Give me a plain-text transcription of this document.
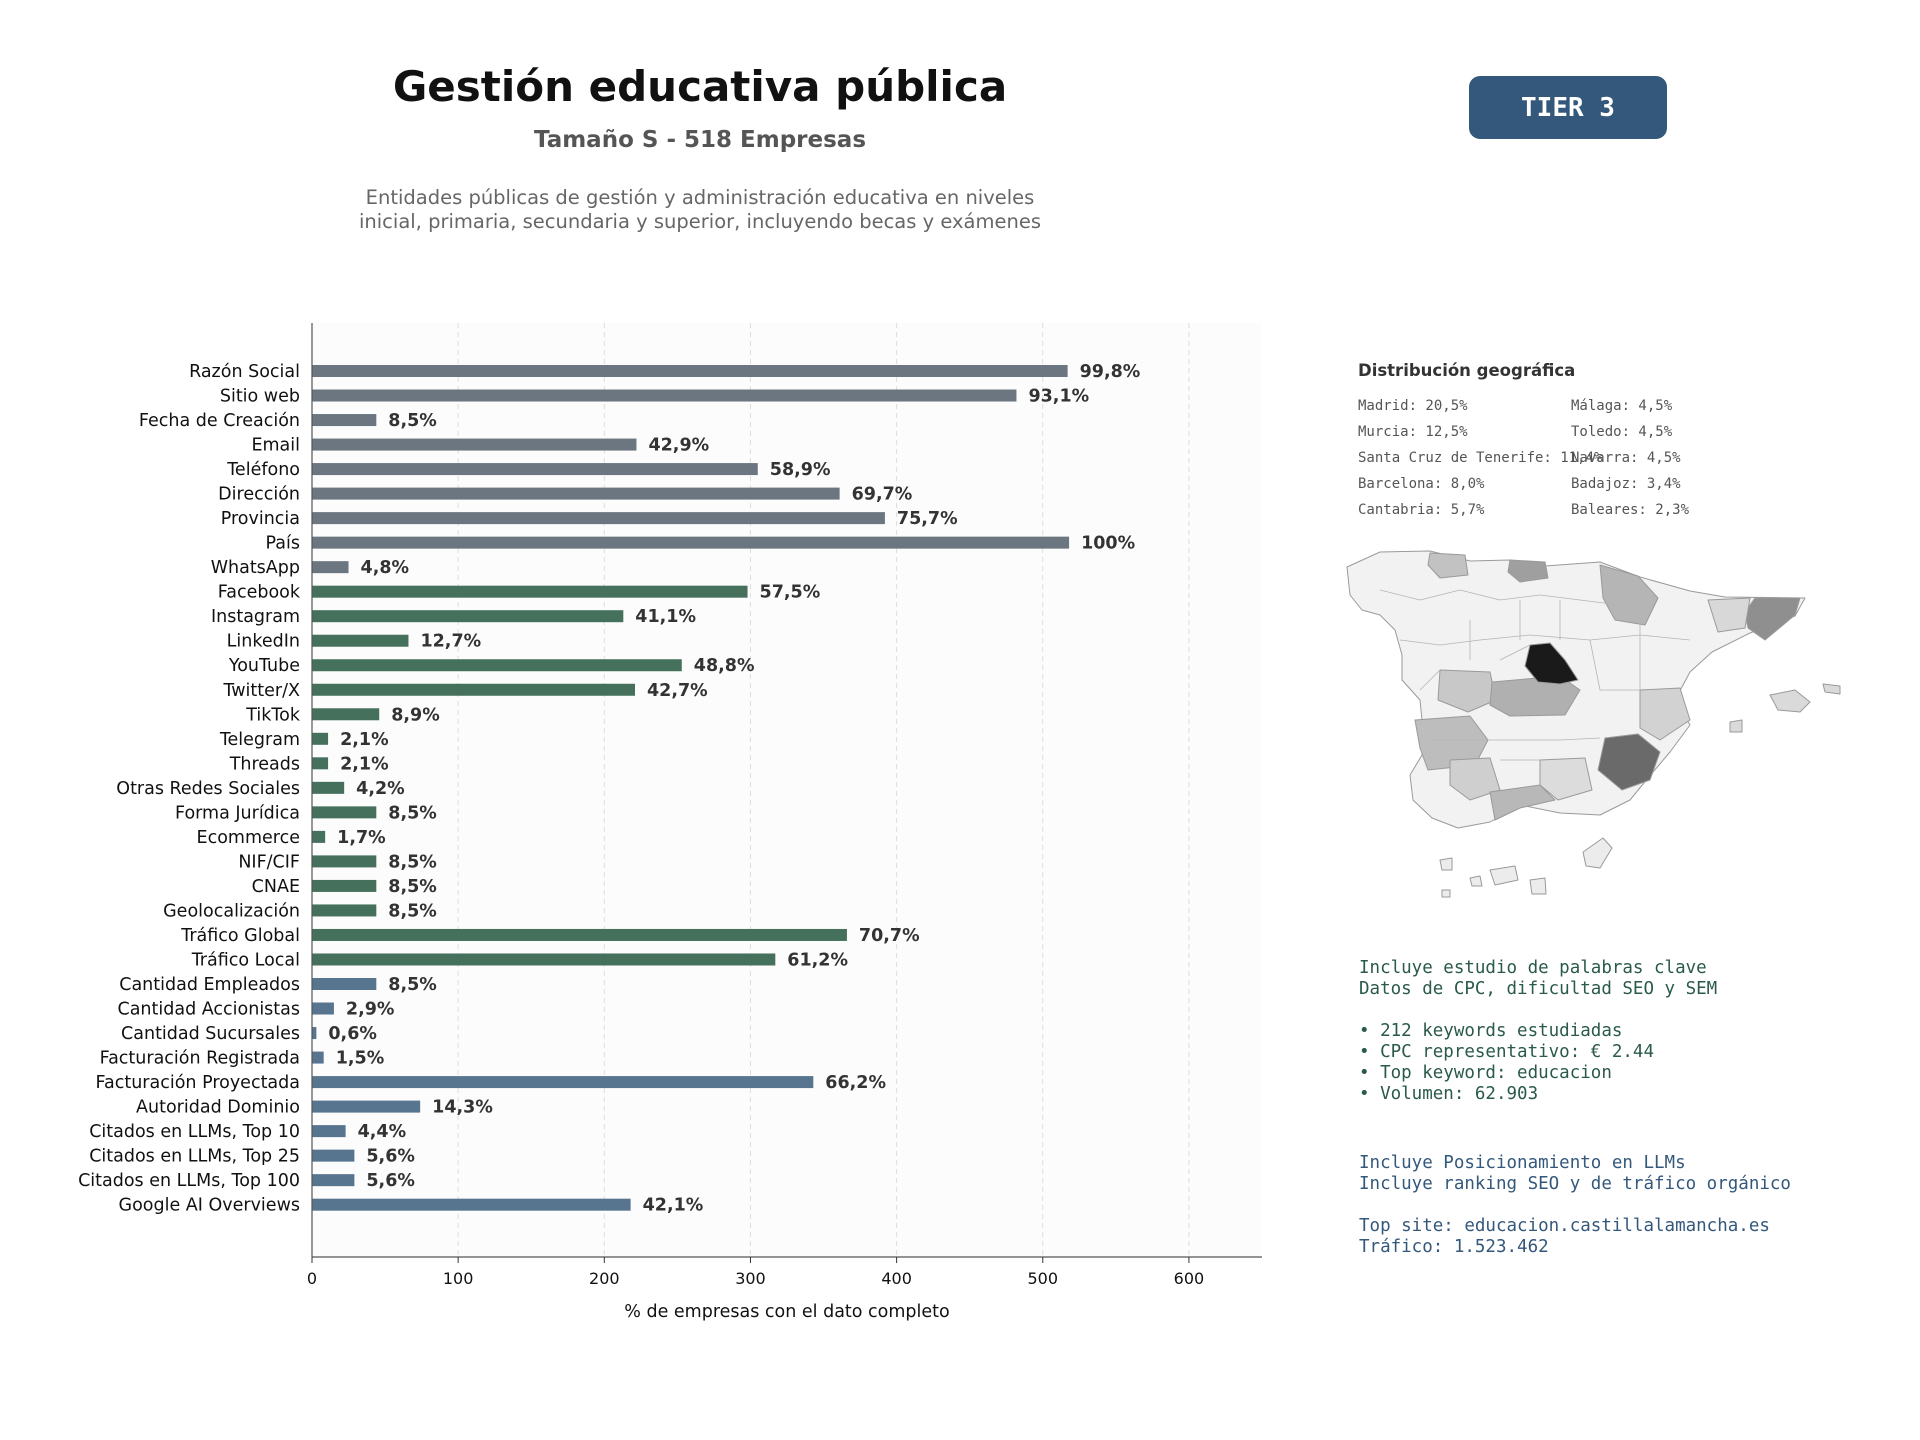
Gestión educativa pública
Tamaño S - 518 Empresas
Entidades públicas de gestión y administración educativa en niveles
inicial, primaria, secundaria y superior, incluyendo becas y exámenes
TIER 3
Razón Social	99,8%
Sitio web	93,1%
Fecha de Creación	8,5%
Email	42,9%
Teléfono	58,9%
Dirección	69,7%
Provincia	75,7%
País	100%
WhatsApp	4,8%
Facebook	57,5%
Instagram	41,1%
LinkedIn	12,7%
YouTube	48,8%
Twitter/X	42,7%
TikTok	8,9%
Telegram 2,1%
Threads 2,1%
Otras Redes Sociales	4,2%
Forma Jurídica	8,5%
Ecommerce 1,7%
NIF/CIF	8,5%
CNAE	8,5%
Geolocalización	8,5%
Tráfico Global	70,7%
Tráfico Local	61,2%
Cantidad Empleados	8,5%
Cantidad Accionistas	2,9%
Cantidad Sucursales 0,6%
Facturación Registrada 1,5%
Facturación Proyectada	66,2%
Autoridad Dominio	14,3%
Citados en LLMs, Top 10	4,4%
Citados en LLMs, Top 25	5,6%
Citados en LLMs, Top 100	5,6%
Google AI Overviews	42,1%
0	100	200	300	400	500	600
% de empresas con el dato completo
Distribución geográfica
Madrid: 20,5%
Murcia: 12,5%
Santa Cruz de Tenerife: 11,4%
Barcelona: 8,0%
Cantabria: 5,7%
Málaga: 4,5%
Toledo: 4,5%
Navarra: 4,5%
Badajoz: 3,4%
Baleares: 2,3%
Incluye estudio de palabras clave
Datos de CPC, dificultad SEO y SEM
• 212 keywords estudiadas
• CPC representativo: € 2.44
• Top keyword: educacion
• Volumen: 62.903
Incluye Posicionamiento en LLMs
Incluye ranking SEO y de tráfico orgánico
Top site: educacion.castillalamancha.es
Tráfico: 1.523.462
